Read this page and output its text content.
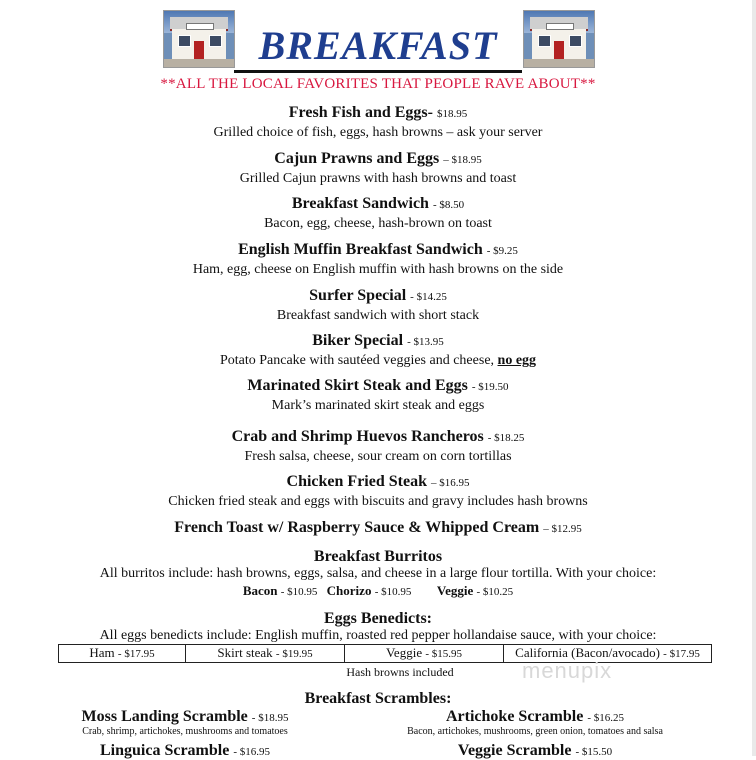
BREAKFAST
**ALL THE LOCAL FAVORITES THAT PEOPLE RAVE ABOUT**
Fresh Fish and Eggs- $18.95
Grilled choice of fish, eggs, hash browns – ask your server
Cajun Prawns and Eggs – $18.95
Grilled Cajun prawns with hash browns and toast
Breakfast Sandwich - $8.50
Bacon, egg, cheese, hash-brown on toast
English Muffin Breakfast Sandwich - $9.25
Ham, egg, cheese on English muffin with hash browns on the side
Surfer Special - $14.25
Breakfast sandwich with short stack
Biker Special - $13.95
Potato Pancake with sautéed veggies and cheese, no egg
Marinated Skirt Steak and Eggs - $19.50
Mark’s marinated skirt steak and eggs
Crab and Shrimp Huevos Rancheros - $18.25
Fresh salsa, cheese, sour cream on corn tortillas
Chicken Fried Steak – $16.95
Chicken fried steak and eggs with biscuits and gravy includes hash browns
French Toast w/ Raspberry Sauce & Whipped Cream – $12.95
Breakfast Burritos
All burritos include: hash browns, eggs, salsa, and cheese in a large flour tortilla. With your choice:
Bacon - $10.95 Chorizo - $10.95 Veggie - $10.25
Eggs Benedicts:
All eggs benedicts include: English muffin, roasted red pepper hollandaise sauce, with your choice:
Ham - $17.95	Skirt steak - $19.95	Veggie - $15.95	California (Bacon/avocado) - $17.95
Hash browns included	menupix
Breakfast Scrambles:
Moss Landing Scramble - $18.95
Crab, shrimp, artichokes, mushrooms and tomatoes
Artichoke Scramble - $16.25
Bacon, artichokes, mushrooms, green onion, tomatoes and salsa
Linguica Scramble - $16.95	Veggie Scramble - $15.50
